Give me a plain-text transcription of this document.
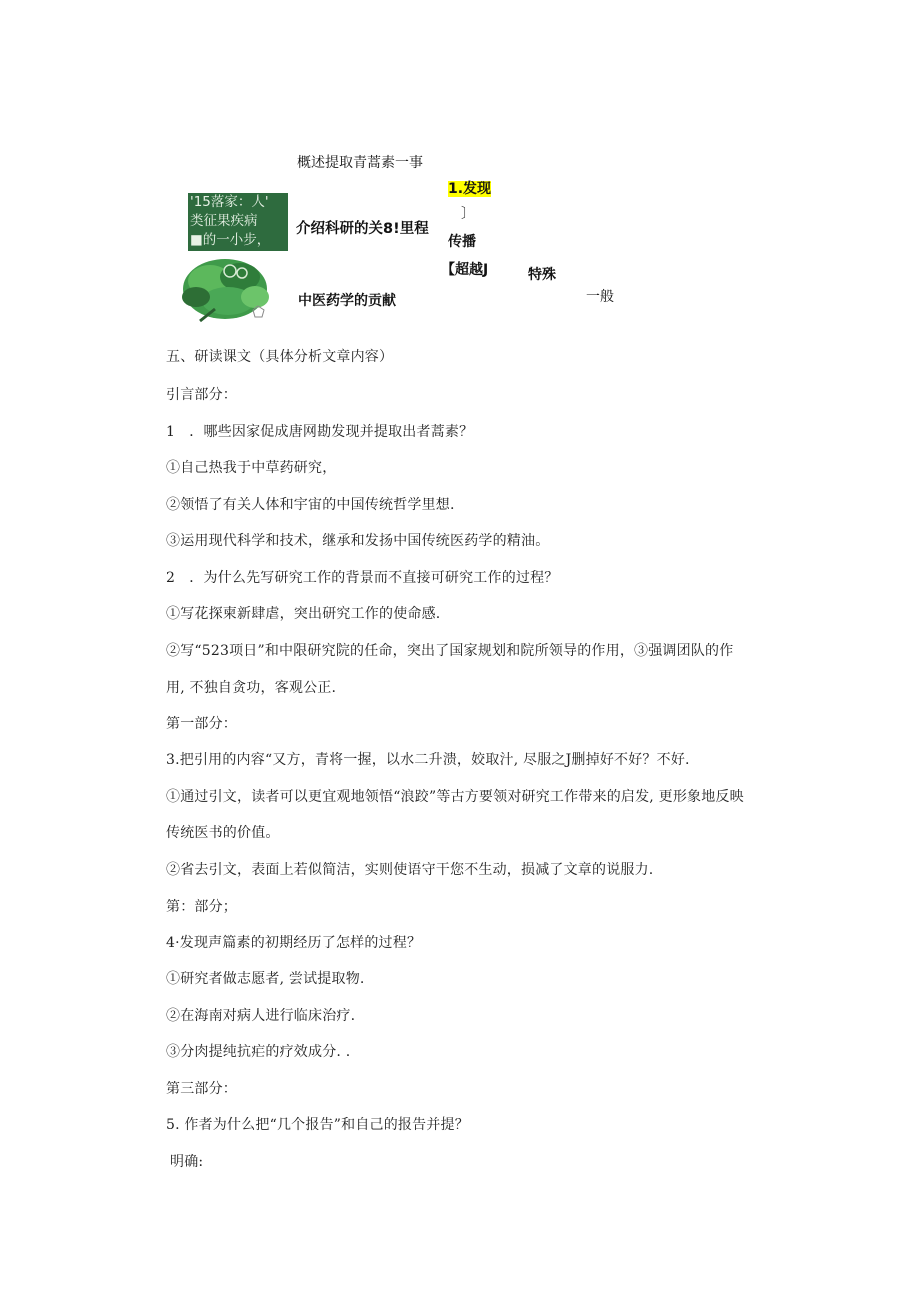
'15落家：人'
类征果疾病
■的一小步，
概述提取青蒿素一事
介绍科研的关8!里程
中医药学的贡献
1.发现
〕
传播
【超越J	特殊
一般
五、研读课文（具体分析文章内容）
引言部分：
1　．哪些因家促成唐网勘发现并提取出者蒿素？
①自己热我于中草药研究，
②领悟了有关人体和宇宙的中国传统哲学里想.
③运用现代科学和技术，继承和发扬中国传统医药学的精油。
2　．为什么先写研究工作的背景而不直接可研究工作的过程？
①写花探柬新肆虐，突出研究工作的使命感.
②写“523项日”和中限研究院的任命，突出了国家规划和院所领导的作用，③强调团队的作
用, 不独自贪功，客观公正.
第一部分：
3.把引用的内容“又方，青将一握，以水二升溃，姣取汁, 尽服之J删掉好不好？不好.
①通过引文，读者可以更宜观地领悟“浪跤”等古方要领对研究工作带来的启发, 更形象地反映
传统医书的价值。
②省去引文，表面上若似简洁，实则使语守干您不生动，损减了文章的说服力.
第：部分；
4·发现声篇素的初期经历了怎样的过程？
①研究者做志愿者, 尝试提取物.
②在海南对病人进行临床治疗.
③分肉提纯抗疟的疗效成分. .
第三部分：
5. 作者为什么把“几个报告”和自己的报告并提？
明确:
